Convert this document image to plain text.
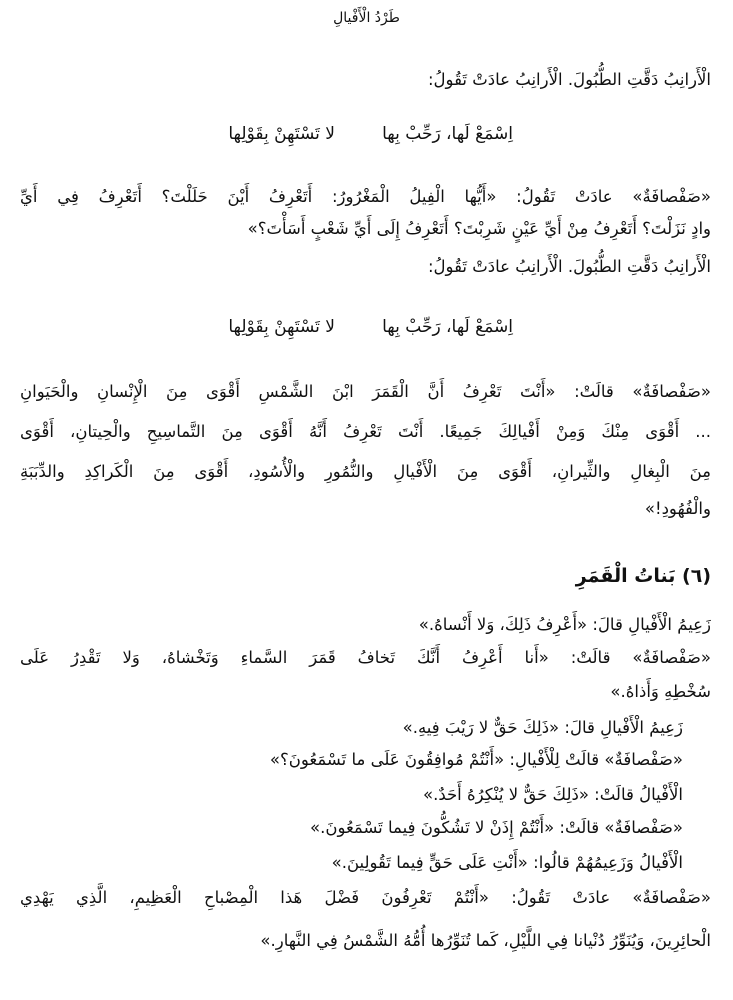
طَرْدُ الْأَفْيالِ
الْأَرانِبُ دَقَّتِ الطُّبُولَ. الْأَرانِبُ عادَتْ تَقُولُ:
اِسْمَعْ لَها، رَحِّبْ بِها
لا تَسْتَهِنْ بِقَوْلِها
«صَفْصافَةٌ» عادَتْ تَقُولُ: «أَيُّها الْفِيلُ الْمَغْرُورُ: أَتَعْرِفُ أَيْنَ حَلَلْتَ؟ أَتَعْرِفُ فِي أَيِّ
وادٍ نَزَلْتَ؟ أَتَعْرِفُ مِنْ أَيِّ عَيْنٍ شَرِبْتَ؟ أَتَعْرِفُ إِلَى أَيِّ شَعْبٍ أَسَأْتَ؟»
الْأَرانِبُ دَقَّتِ الطُّبُولَ. الْأَرانِبُ عادَتْ تَقُولُ:
اِسْمَعْ لَها، رَحِّبْ بِها
لا تَسْتَهِنْ بِقَوْلِها
«صَفْصافَةٌ» قالَتْ: «أَنْتَ تَعْرِفُ أَنَّ الْقَمَرَ ابْنَ الشَّمْسِ أَقْوَى مِنَ الْإِنْسانِ والْحَيَوانِ
... أَقْوَى مِنْكَ وَمِنْ أَفْيالِكَ جَمِيعًا. أَنْتَ تَعْرِفُ أَنَّهُ أَقْوَى مِنَ التَّماسِيحِ والْحِيتانِ، أَقْوَى
مِنَ الْبِغالِ والثِّيرانِ، أَقْوَى مِنَ الْأَفْيالِ والنُّمُورِ والْأُسُودِ، أَقْوَى مِنَ الْكَراكِدِ والدِّبَبَةِ
والْفُهُودِ!»
(٦) بَناتُ الْقَمَرِ
زَعِيمُ الْأَفْيالِ قالَ: «أَعْرِفُ ذَلِكَ، وَلا أَنْساهُ.»
«صَفْصافَةٌ» قالَتْ: «أَنا أَعْرِفُ أَنَّكَ تَخافُ قَمَرَ السَّماءِ وَتَخْشاهُ، وَلا تَقْدِرُ عَلَى
سُخْطِهِ وَأَذاهُ.»
زَعِيمُ الْأَفْيالِ قالَ: «ذَلِكَ حَقٌّ لا رَيْبَ فِيهِ.»
«صَفْصافَةٌ» قالَتْ لِلْأَفْيالِ: «أَنْتُمْ مُوافِقُونَ عَلَى ما تَسْمَعُونَ؟»
الْأَفْيالُ قالَتْ: «ذَلِكَ حَقٌّ لا يُنْكِرُهُ أَحَدٌ.»
«صَفْصافَةٌ» قالَتْ: «أَنْتُمْ إِذَنْ لا تَشُكُّونَ فِيما تَسْمَعُونَ.»
الْأَفْيالُ وَزَعِيمُهُمْ قالُوا: «أَنْتِ عَلَى حَقٍّ فِيما تَقُولِينَ.»
«صَفْصافَةٌ» عادَتْ تَقُولُ: «أَنْتُمْ تَعْرِفُونَ فَضْلَ هَذا الْمِصْباحِ الْعَظِيمِ، الَّذِي يَهْدِي
الْحائِرِينَ، وَيُنَوِّرُ دُنْيانا فِي اللَّيْلِ، كَما تُنَوِّرُها أُمُّهُ الشَّمْسُ فِي النَّهارِ.»
